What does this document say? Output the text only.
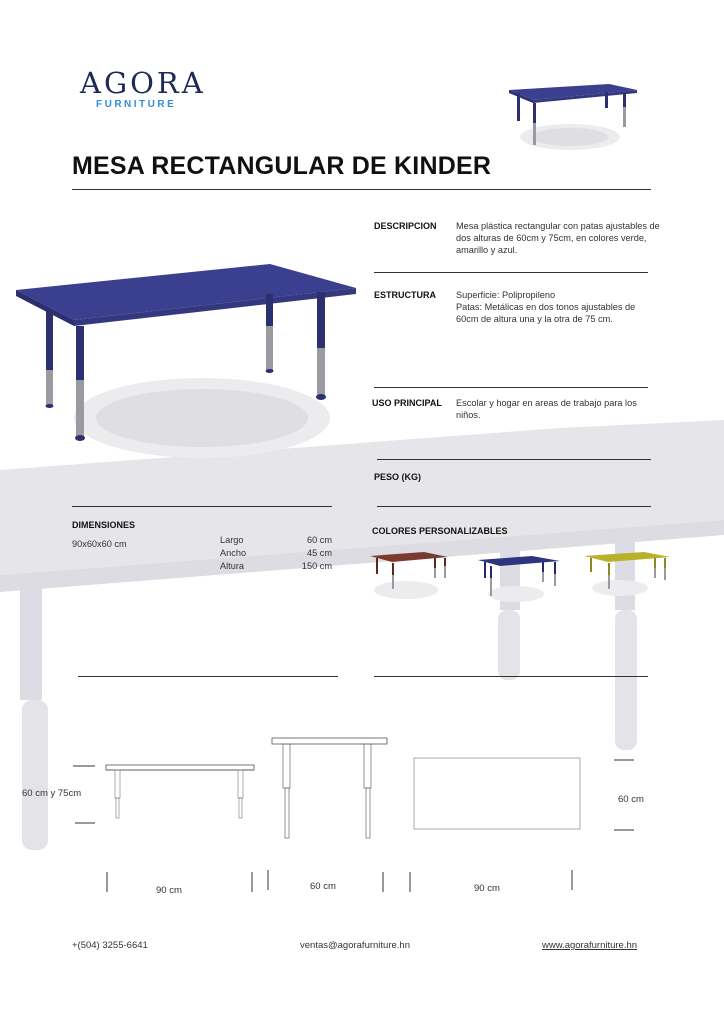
AGORA
FURNITURE
MESA RECTANGULAR DE KINDER
DESCRIPCION Mesa plástica rectangular con patas ajustables de dos alturas de 60cm y 75cm, en colores verde, amarillo y azul.
ESTRUCTURA Superficie: Polipropileno
Patas: Metálicas en dos tonos ajustables de 60cm de altura una y la otra de 75 cm.
USO PRINCIPAL Escolar y hogar en areas de trabajo para los niños.
PESO (KG)
DIMENSIONES
90x60x60 cm	Largo	60 cm
Ancho	45 cm
Altura	150 cm
COLORES PERSONALIZABLES
60 cm y 75cm
60 cm
90 cm	60 cm	90 cm
+(504) 3255-6641	ventas@agorafurniture.hn	www.agorafurniture.hn
